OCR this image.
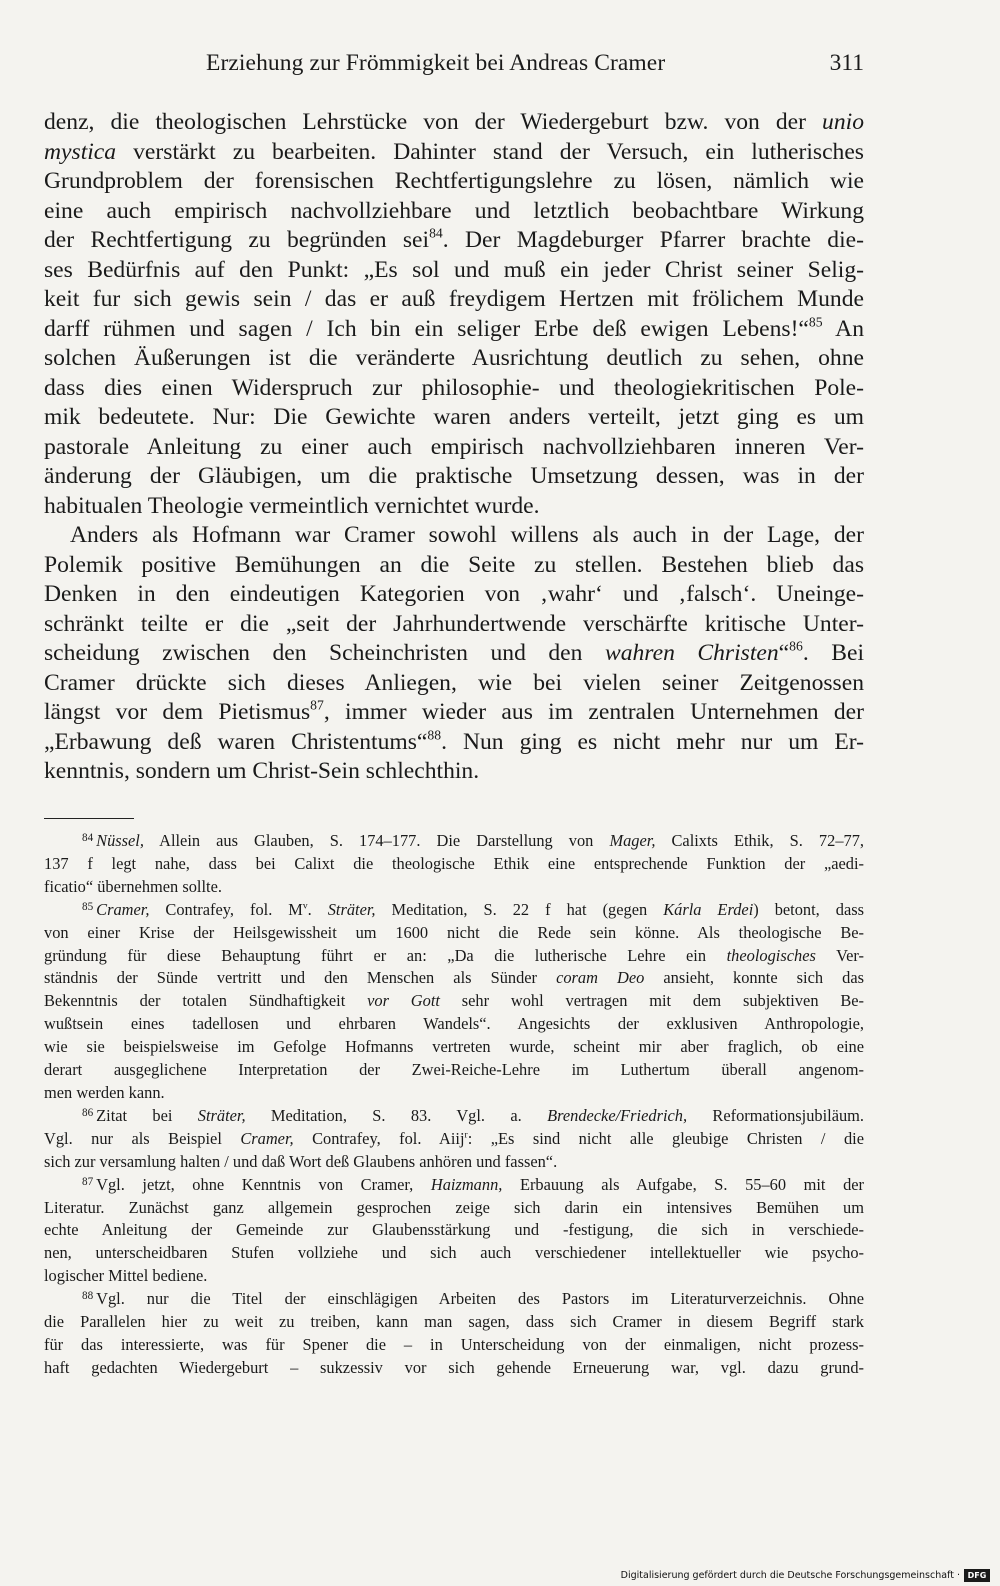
Erziehung zur Frömmigkeit bei Andreas Cramer	311
denz, die theologischen Lehrstücke von der Wiedergeburt bzw. von der unio
mystica verstärkt zu bearbeiten. Dahinter stand der Versuch, ein lutherisches
Grundproblem der forensischen Rechtfertigungslehre zu lösen, nämlich wie
eine auch empirisch nachvollziehbare und letztlich beobachtbare Wirkung
der Rechtfertigung zu begründen sei$^{84}$. Der Magdeburger Pfarrer brachte die-
ses Bedürfnis auf den Punkt: „Es sol und muß ein jeder Christ seiner Selig-
keit fur sich gewis sein / das er auß freydigem Hertzen mit frölichem Munde
darff rühmen und sagen / Ich bin ein seliger Erbe deß ewigen Lebens!“$^{85}$ An
solchen Äußerungen ist die veränderte Ausrichtung deutlich zu sehen, ohne
dass dies einen Widerspruch zur philosophie- und theologiekritischen Pole-
mik bedeutete. Nur: Die Gewichte waren anders verteilt, jetzt ging es um
pastorale Anleitung zu einer auch empirisch nachvollziehbaren inneren Ver-
änderung der Gläubigen, um die praktische Umsetzung dessen, was in der
habitualen Theologie vermeintlich vernichtet wurde.
Anders als Hofmann war Cramer sowohl willens als auch in der Lage, der
Polemik positive Bemühungen an die Seite zu stellen. Bestehen blieb das
Denken in den eindeutigen Kategorien von ‚wahr‘ und ‚falsch‘. Uneinge-
schränkt teilte er die „seit der Jahrhundertwende verschärfte kritische Unter-
scheidung zwischen den Scheinchristen und den wahren Christen“$^{86}$. Bei
Cramer drückte sich dieses Anliegen, wie bei vielen seiner Zeitgenossen
längst vor dem Pietismus$^{87}$, immer wieder aus im zentralen Unternehmen der
„Erbawung deß waren Christentums“$^{88}$. Nun ging es nicht mehr nur um Er-
kenntnis, sondern um Christ-Sein schlechthin.
$^{84}$ Nüssel, Allein aus Glauben, S. 174–177. Die Darstellung von Mager, Calixts Ethik, S. 72–77,
137 f legt nahe, dass bei Calixt die theologische Ethik eine entsprechende Funktion der „aedi-
ficatio“ übernehmen sollte.
$^{85}$ Cramer, Contrafey, fol. $M^v$. Sträter, Meditation, S. 22 f hat (gegen Kárla Erdei) betont, dass
von einer Krise der Heilsgewissheit um 1600 nicht die Rede sein könne. Als theologische Be-
gründung für diese Behauptung führt er an: „Da die lutherische Lehre ein theologisches Ver-
ständnis der Sünde vertritt und den Menschen als Sünder coram Deo ansieht, konnte sich das
Bekenntnis der totalen Sündhaftigkeit vor Gott sehr wohl vertragen mit dem subjektiven Be-
wußtsein eines tadellosen und ehrbaren Wandels“. Angesichts der exklusiven Anthropologie,
wie sie beispielsweise im Gefolge Hofmanns vertreten wurde, scheint mir aber fraglich, ob eine
derart ausgeglichene Interpretation der Zwei-Reiche-Lehre im Luthertum überall angenom-
men werden kann.
$^{86}$ Zitat bei Sträter, Meditation, S. 83. Vgl. a. Brendecke/Friedrich, Reformationsjubiläum.
Vgl. nur als Beispiel Cramer, Contrafey, fol. Aiij$^r$: „Es sind nicht alle gleubige Christen / die
sich zur versamlung halten / und daß Wort deß Glaubens anhören und fassen“.
$^{87}$ Vgl. jetzt, ohne Kenntnis von Cramer, Haizmann, Erbauung als Aufgabe, S. 55–60 mit der
Literatur. Zunächst ganz allgemein gesprochen zeige sich darin ein intensives Bemühen um
echte Anleitung der Gemeinde zur Glaubensstärkung und -festigung, die sich in verschiede-
nen, unterscheidbaren Stufen vollziehe und sich auch verschiedener intellektueller wie psycho-
logischer Mittel bediene.
$^{88}$ Vgl. nur die Titel der einschlägigen Arbeiten des Pastors im Literaturverzeichnis. Ohne
die Parallelen hier zu weit zu treiben, kann man sagen, dass sich Cramer in diesem Begriff stark
für das interessierte, was für Spener die – in Unterscheidung von der einmaligen, nicht prozess-
haft gedachten Wiedergeburt – sukzessiv vor sich gehende Erneuerung war, vgl. dazu grund-
Digitalisierung gefördert durch die Deutsche Forschungsgemeinschaft · DFG
